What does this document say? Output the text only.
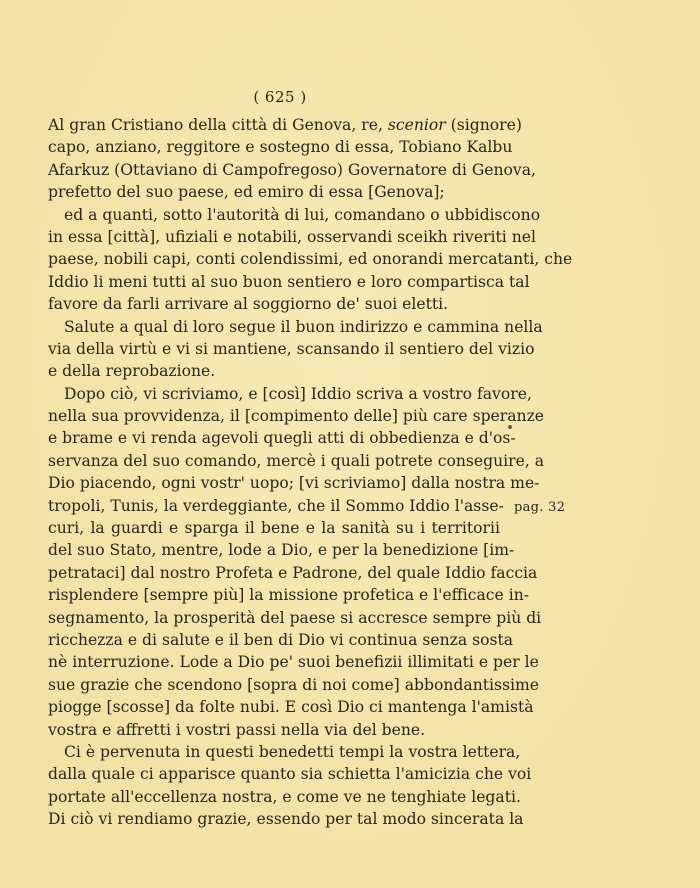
( 625 )
Al gran Cristiano della città di Genova, re, scenior (signore)
capo, anziano, reggitore e sostegno di essa, Tobiano Kalbu
Afarkuz (Ottaviano di Campofregoso) Governatore di Genova,
prefetto del suo paese, ed emiro di essa [Genova];
ed a quanti, sotto l'autorità di lui, comandano o ubbidiscono
in essa [città], ufiziali e notabili, osservandi sceikh riveriti nel
paese, nobili capi, conti colendissimi, ed onorandi mercatanti, che
Iddio li meni tutti al suo buon sentiero e loro compartisca tal
favore da farli arrivare al soggiorno de' suoi eletti.
Salute a qual di loro segue il buon indirizzo e cammina nella
via della virtù e vi si mantiene, scansando il sentiero del vizio
e della reprobazione.
Dopo ciò, vi scriviamo, e [così] Iddio scriva a vostro favore,
nella sua provvidenza, il [compimento delle] più care speranze
e brame e vi renda agevoli quegli atti di obbedienza e d'os-
servanza del suo comando, mercè i quali potrete conseguire, a
Dio piacendo, ogni vostr' uopo; [vi scriviamo] dalla nostra me-
tropoli, Tunis, la verdeggiante, che il Sommo Iddio l'asse-
curi, la guardi e sparga il bene e la sanità su i territorii
del suo Stato, mentre, lode a Dio, e per la benedizione [im-
petrataci] dal nostro Profeta e Padrone, del quale Iddio faccia
risplendere [sempre più] la missione profetica e l'efficace in-
segnamento, la prosperità del paese si accresce sempre più di
ricchezza e di salute e il ben di Dio vi continua senza sosta
nè interruzione. Lode a Dio pe' suoi benefizii illimitati e per le
sue grazie che scendono [sopra di noi come] abbondantissime
piogge [scosse] da folte nubi. E così Dio ci mantenga l'amistà
vostra e affretti i vostri passi nella via del bene.
Ci è pervenuta in questi benedetti tempi la vostra lettera,
dalla quale ci apparisce quanto sia schietta l'amicizia che voi
portate all'eccellenza nostra, e come ve ne tenghiate legati.
Di ciò vi rendiamo grazie, essendo per tal modo sincerata la
pag. 32
